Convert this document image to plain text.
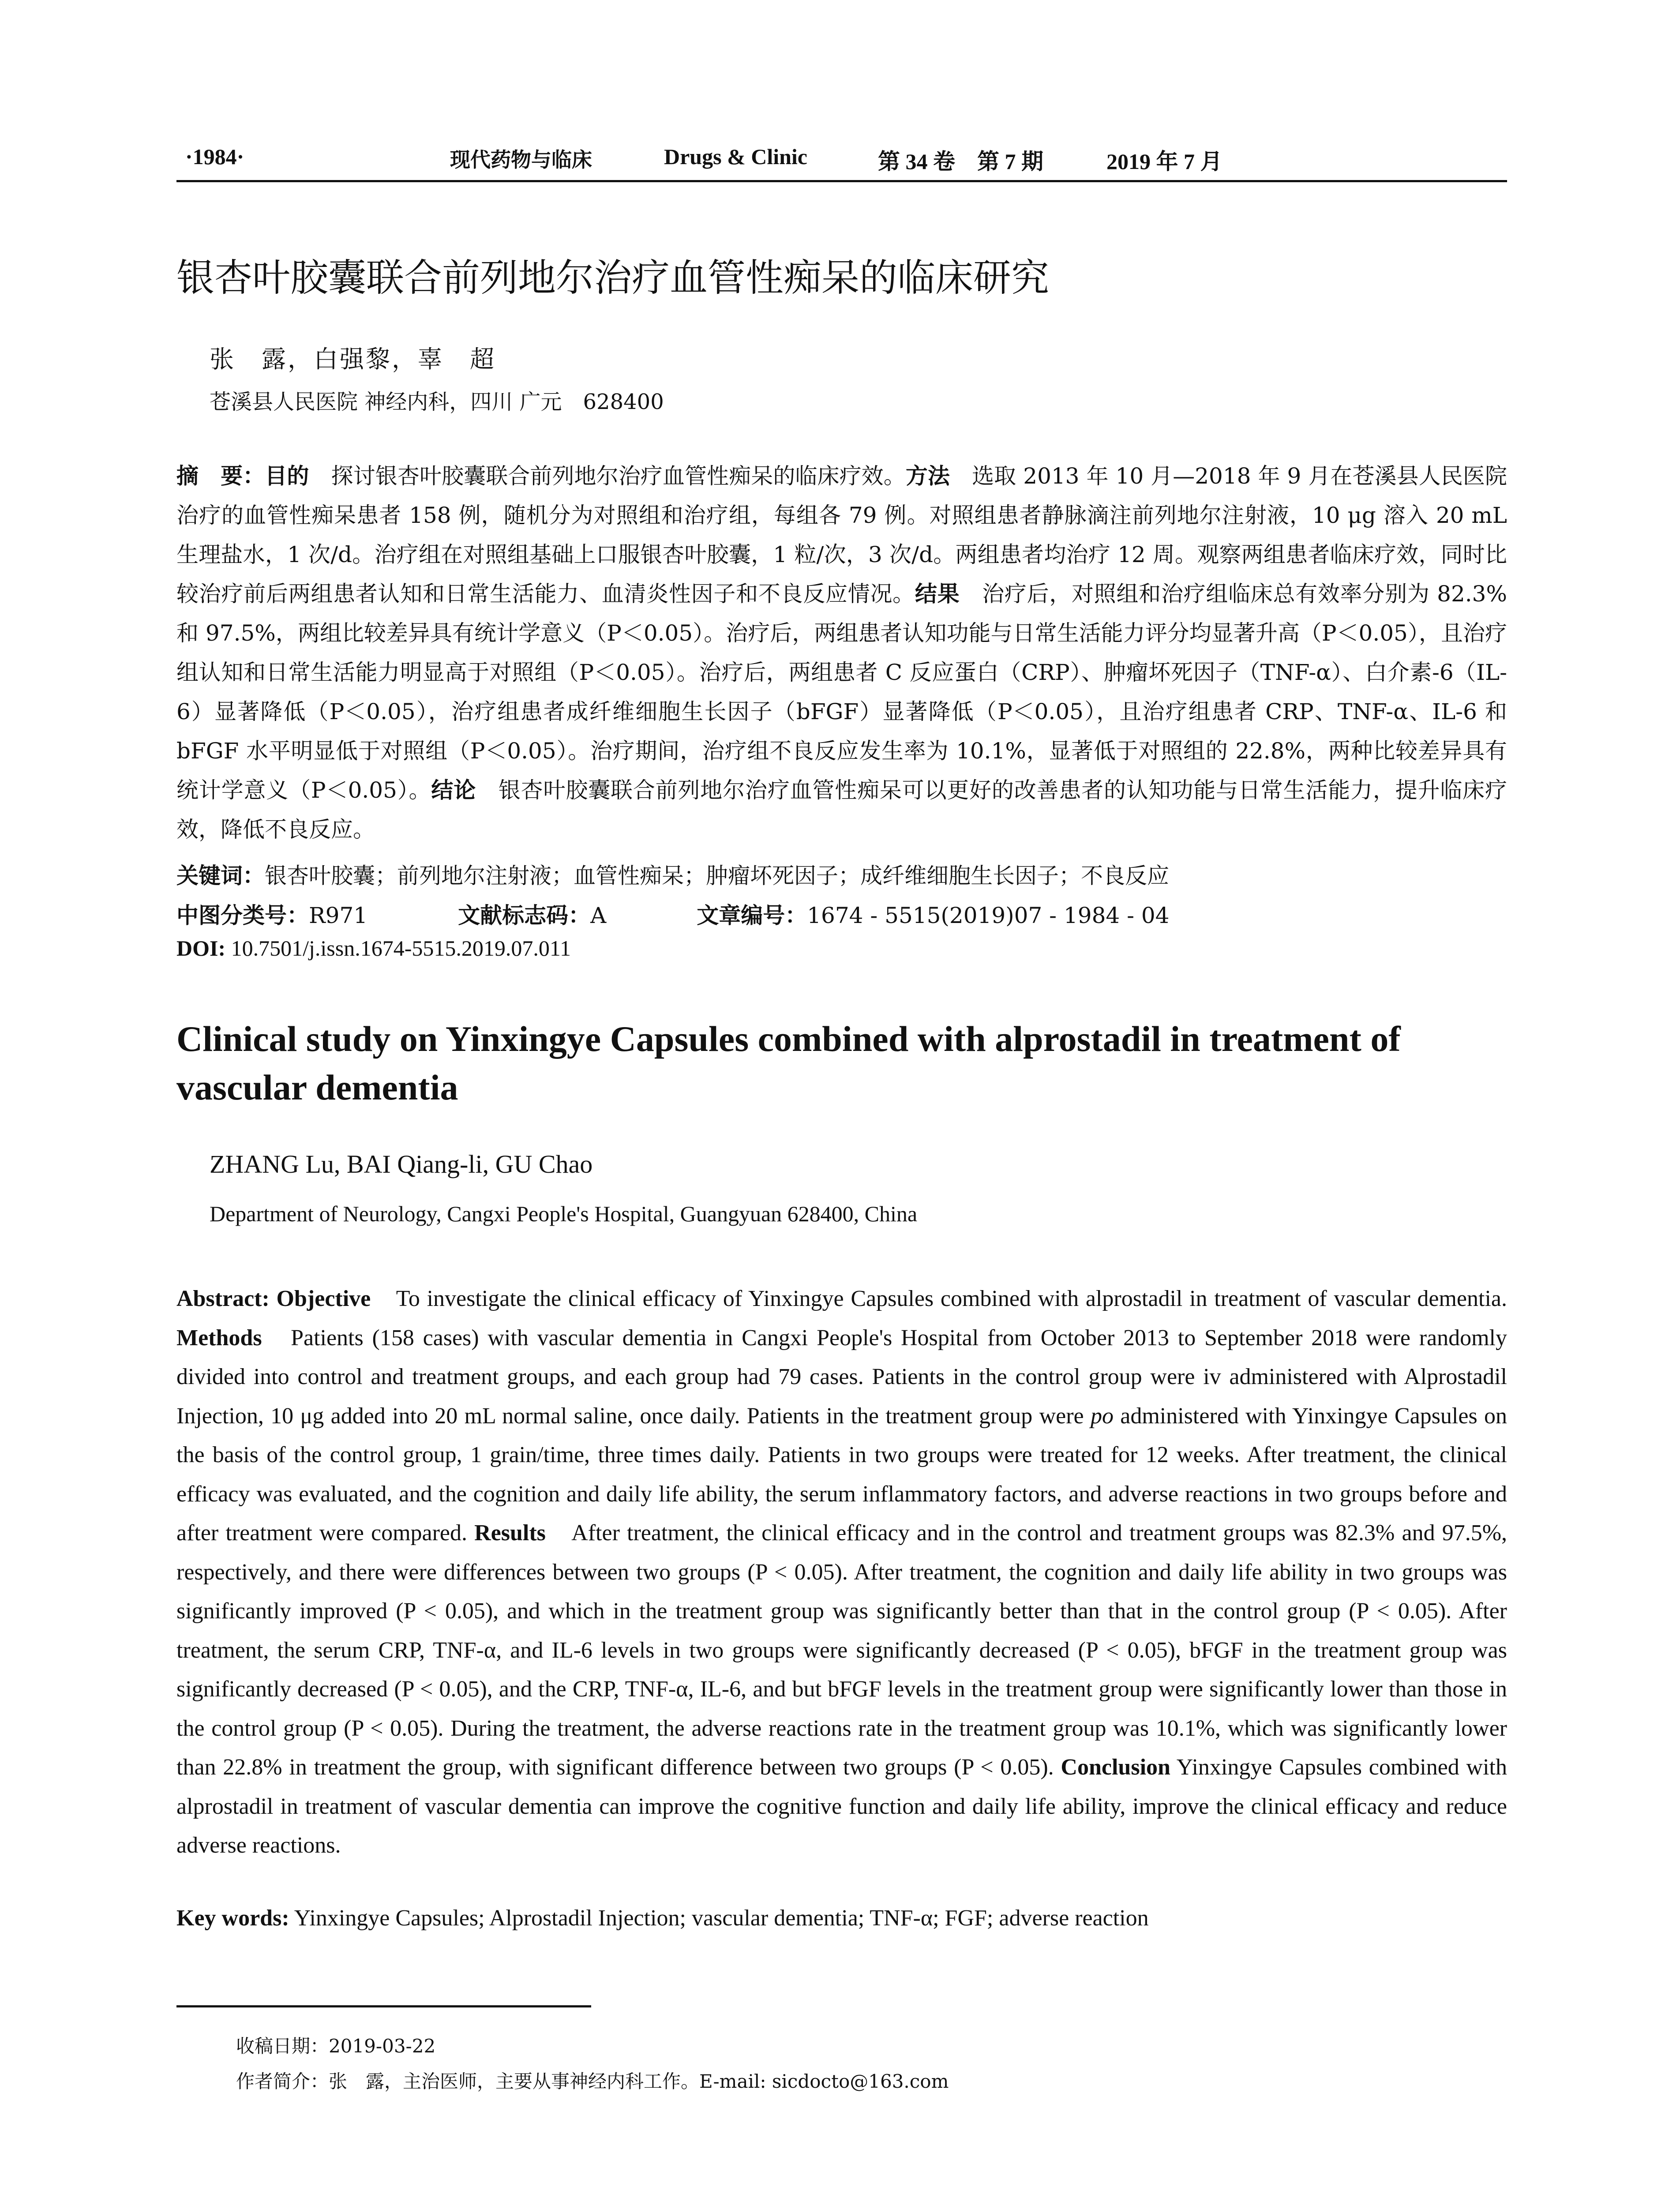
·1984·	现代药物与临床	Drugs & Clinic	第 34 卷　第 7 期	2019 年 7 月
银杏叶胶囊联合前列地尔治疗血管性痴呆的临床研究
张　露，白强黎，辜　超
苍溪县人民医院 神经内科，四川 广元　628400
摘　要：目的　探讨银杏叶胶囊联合前列地尔治疗血管性痴呆的临床疗效。方法　选取 2013 年 10 月—2018 年 9 月在苍溪县人民医院治疗的血管性痴呆患者 158 例，随机分为对照组和治疗组，每组各 79 例。对照组患者静脉滴注前列地尔注射液，10 μg 溶入 20 mL 生理盐水，1 次/d。治疗组在对照组基础上口服银杏叶胶囊，1 粒/次，3 次/d。两组患者均治疗 12 周。观察两组患者临床疗效，同时比较治疗前后两组患者认知和日常生活能力、血清炎性因子和不良反应情况。结果　治疗后，对照组和治疗组临床总有效率分别为 82.3%和 97.5%，两组比较差异具有统计学意义（P＜0.05）。治疗后，两组患者认知功能与日常生活能力评分均显著升高（P＜0.05），且治疗组认知和日常生活能力明显高于对照组（P＜0.05）。治疗后，两组患者 C 反应蛋白（CRP）、肿瘤坏死因子（TNF-α）、白介素-6（IL-6）显著降低（P＜0.05），治疗组患者成纤维细胞生长因子（bFGF）显著降低（P＜0.05），且治疗组患者 CRP、TNF-α、IL-6 和 bFGF 水平明显低于对照组（P＜0.05）。治疗期间，治疗组不良反应发生率为 10.1%，显著低于对照组的 22.8%，两种比较差异具有统计学意义（P＜0.05）。结论　银杏叶胶囊联合前列地尔治疗血管性痴呆可以更好的改善患者的认知功能与日常生活能力，提升临床疗效，降低不良反应。
关键词：银杏叶胶囊；前列地尔注射液；血管性痴呆；肿瘤坏死因子；成纤维细胞生长因子；不良反应
中图分类号：R971	文献标志码：A	文章编号：1674 - 5515(2019)07 - 1984 - 04
DOI: 10.7501/j.issn.1674-5515.2019.07.011
Clinical study on Yinxingye Capsules combined with alprostadil in treatment of vascular dementia
ZHANG Lu, BAI Qiang-li, GU Chao
Department of Neurology, Cangxi People's Hospital, Guangyuan 628400, China
Abstract: Objective　To investigate the clinical efficacy of Yinxingye Capsules combined with alprostadil in treatment of vascular dementia. Methods　Patients (158 cases) with vascular dementia in Cangxi People's Hospital from October 2013 to September 2018 were randomly divided into control and treatment groups, and each group had 79 cases. Patients in the control group were iv administered with Alprostadil Injection, 10 μg added into 20 mL normal saline, once daily. Patients in the treatment group were po administered with Yinxingye Capsules on the basis of the control group, 1 grain/time, three times daily. Patients in two groups were treated for 12 weeks. After treatment, the clinical efficacy was evaluated, and the cognition and daily life ability, the serum inflammatory factors, and adverse reactions in two groups before and after treatment were compared. Results　After treatment, the clinical efficacy and in the control and treatment groups was 82.3% and 97.5%, respectively, and there were differences between two groups (P < 0.05). After treatment, the cognition and daily life ability in two groups was significantly improved (P < 0.05), and which in the treatment group was significantly better than that in the control group (P < 0.05). After treatment, the serum CRP, TNF-α, and IL-6 levels in two groups were significantly decreased (P < 0.05), bFGF in the treatment group was significantly decreased (P < 0.05), and the CRP, TNF-α, IL-6, and but bFGF levels in the treatment group were significantly lower than those in the control group (P < 0.05). During the treatment, the adverse reactions rate in the treatment group was 10.1%, which was significantly lower than 22.8% in treatment the group, with significant difference between two groups (P < 0.05). Conclusion Yinxingye Capsules combined with alprostadil in treatment of vascular dementia can improve the cognitive function and daily life ability, improve the clinical efficacy and reduce adverse reactions.
Key words: Yinxingye Capsules; Alprostadil Injection; vascular dementia; TNF-α; FGF; adverse reaction
收稿日期：2019-03-22
作者简介：张　露，主治医师，主要从事神经内科工作。E-mail: sicdocto@163.com
